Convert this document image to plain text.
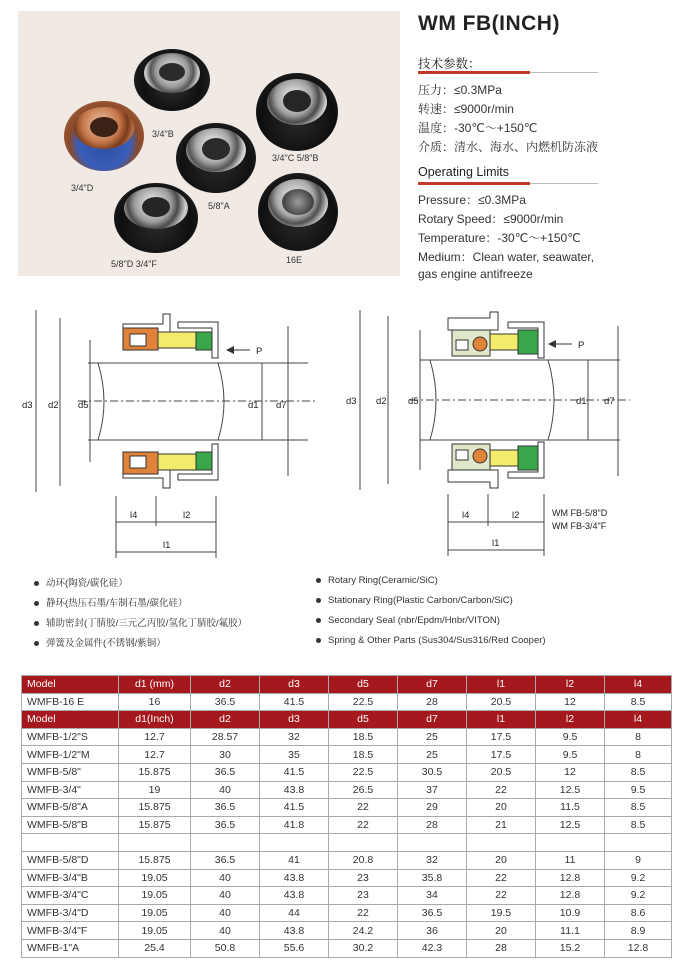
3/4"B
3/4"D
5/8"A
3/4"C 5/8"B
5/8"D 3/4"F	16E
WM FB(INCH)
技术参数：
压力：≤0.3MPa
转速：≤9000r/min
温度：-30℃～+150℃
介质：清水、海水、内燃机防冻液
Operating Limits
Pressure：≤0.3MPa
Rotary Speed：≤9000r/min
Temperature：-30℃～+150℃
Medium：Clean water, seawater,
gas engine antifreeze
P
d3 d2 d5	d1 d7
l4	l2
l1
P
d3 d2 d5	d1 d7
l4	l2
l1
WM FB-5/8"D
WM FB-3/4"F
动环(陶瓷/碳化硅）
静环(热压石墨/车制石墨/碳化硅）
辅助密封(丁腈胶/三元乙丙胶/氢化丁腈胶/氟胶）
弹簧及金属件(不锈钢/紫铜）
Rotary Ring(Ceramic/SiC)
Stationary Ring(Plastic Carbon/Carbon/SiC)
Secondary Seal (nbr/Epdm/Hnbr/VITON)
Spring & Other Parts (Sus304/Sus316/Red Cooper)
Model	d1 (mm)	d2	d3	d5	d7	l1	l2	l4
WMFB-16 E	16	36.5	41.5	22.5	28	20.5	12	8.5
Model	d1(Inch)	d2	d3	d5	d7	l1	l2	l4
WMFB-1/2"S	12.7	28.57	32	18.5	25	17.5	9.5	8
WMFB-1/2"M	12.7	30	35	18.5	25	17.5	9.5	8
WMFB-5/8"	15.875	36.5	41.5	22.5	30.5	20.5	12	8.5
WMFB-3/4"	19	40	43.8	26.5	37	22	12.5	9.5
WMFB-5/8"A	15.875	36.5	41.5	22	29	20	11.5	8.5
WMFB-5/8"B	15.875	36.5	41.8	22	28	21	12.5	8.5

WMFB-5/8"D	15.875	36.5	41	20.8	32	20	11	9
WMFB-3/4"B	19.05	40	43.8	23	35.8	22	12.8	9.2
WMFB-3/4"C	19.05	40	43.8	23	34	22	12.8	9.2
WMFB-3/4"D	19.05	40	44	22	36.5	19.5	10.9	8.6
WMFB-3/4"F	19.05	40	43.8	24.2	36	20	11.1	8.9
WMFB-1"A	25.4	50.8	55.6	30.2	42.3	28	15.2	12.8
